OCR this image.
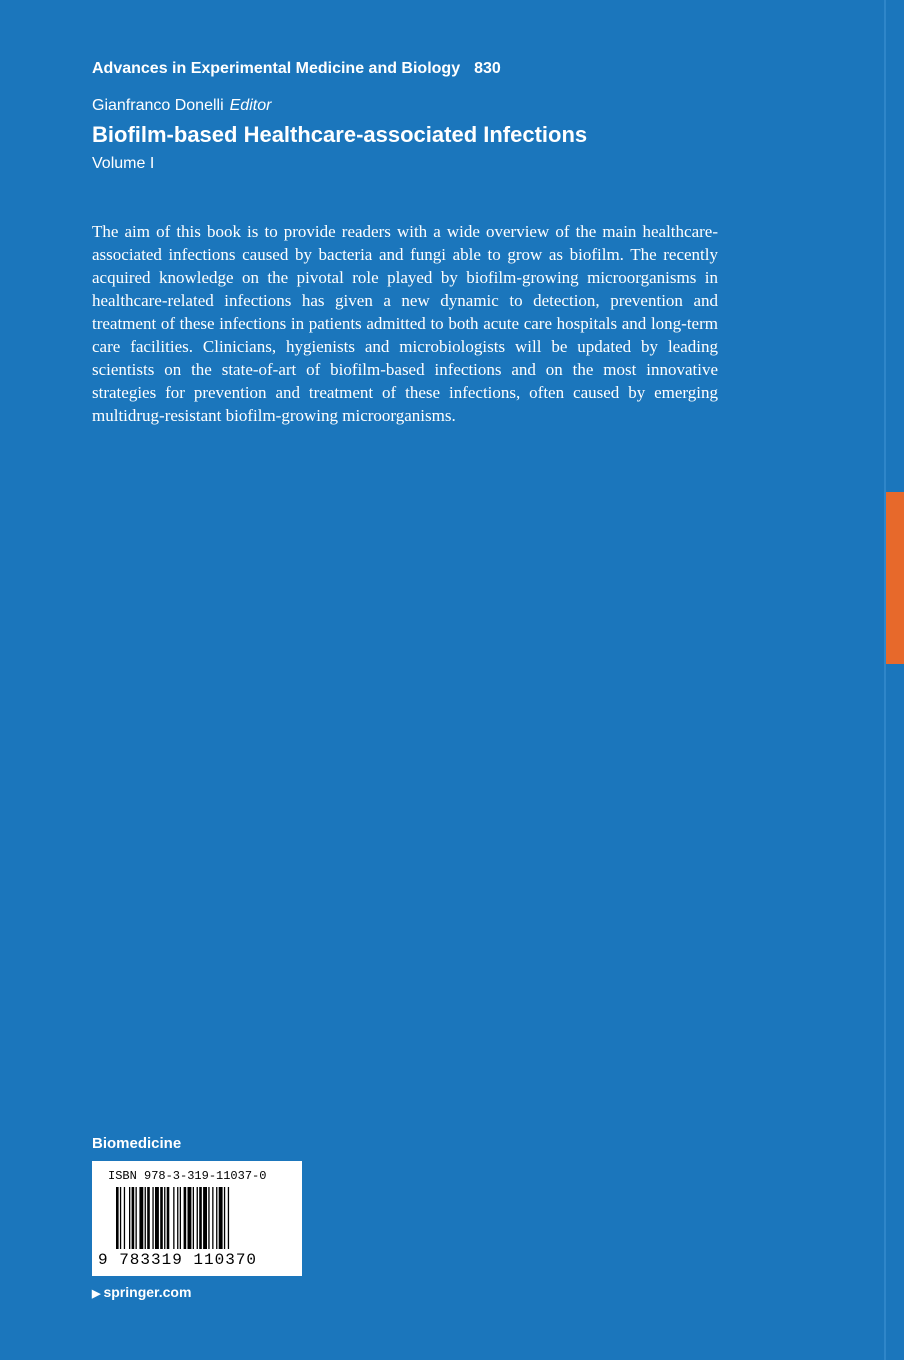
Advances in Experimental Medicine and Biology 830
Gianfranco Donelli Editor
Biofilm-based Healthcare-associated Infections
Volume I

The aim of this book is to provide readers with a wide overview of the main healthcare-associated infections caused by bacteria and fungi able to grow as biofilm. The recently acquired knowledge on the pivotal role played by biofilm-growing microorganisms in healthcare-related infections has given a new dynamic to detection, prevention and treatment of these infections in patients admitted to both acute care hospitals and long-term care facilities. Clinicians, hygienists and microbiologists will be updated by leading scientists on the state-of-art of biofilm-based infections and on the most innovative strategies for prevention and treatment of these infections, often caused by emerging multidrug-resistant biofilm-growing microorganisms.

Biomedicine
ISBN 978-3-319-11037-0
9 783319 110370
▶ springer.com
